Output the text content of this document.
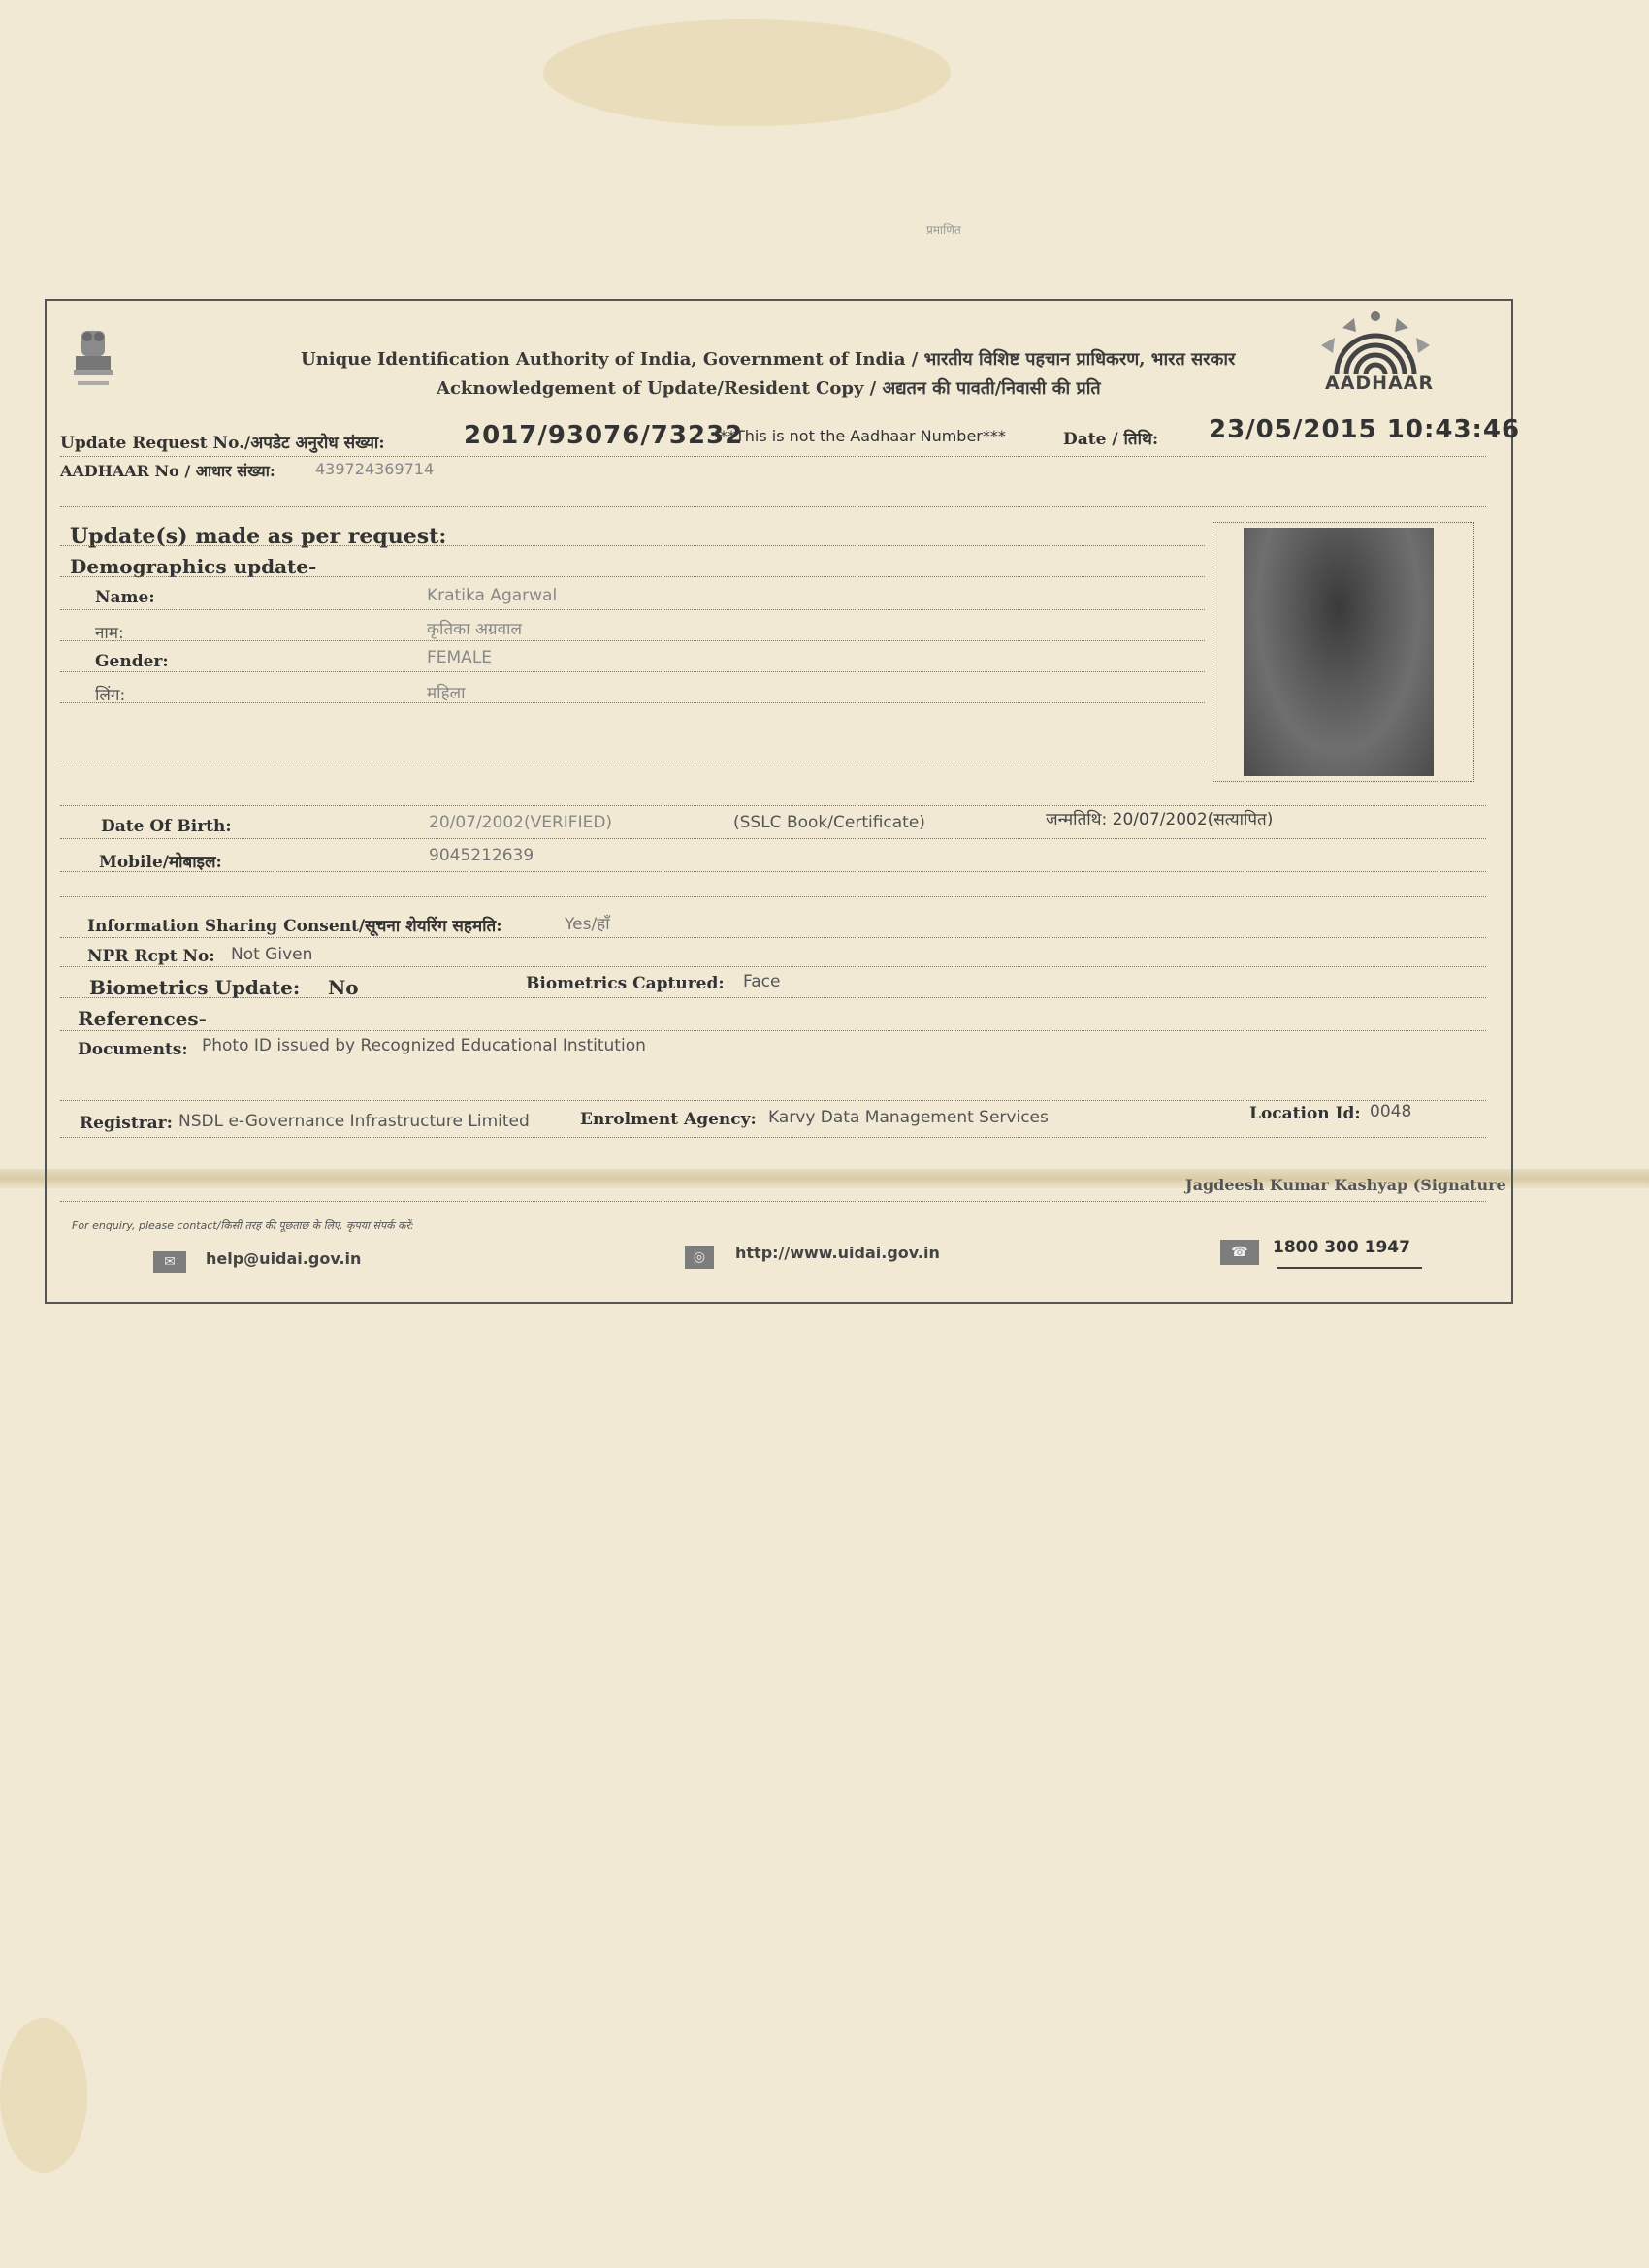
प्रमाणित
AADHAAR
Unique Identification Authority of India, Government of India / भारतीय विशिष्ट पहचान प्राधिकरण, भारत सरकार
Acknowledgement of Update/Resident Copy / अद्यतन की पावती/निवासी की प्रति
Update Request No./अपडेट अनुरोध संख्या:	2017/93076/73232
***This is not the Aadhaar Number***	Date / तिथि: 23/05/2015 10:43:46
AADHAAR No / आधार संख्या:	439724369714
Update(s) made as per request:
Demographics update-
Name:	Kratika Agarwal
नाम:	कृतिका अग्रवाल
Gender:	FEMALE
लिंग:	महिला
Date Of Birth:	20/07/2002(VERIFIED)	(SSLC Book/Certificate)	जन्मतिथि: 20/07/2002(सत्यापित)
Mobile/मोबाइल:	9045212639
Information Sharing Consent/सूचना शेयरिंग सहमति:	Yes/हाँ
NPR Rcpt No: Not Given
Biometrics Update: No	Biometrics Captured: Face
References-
Documents: Photo ID issued by Recognized Educational Institution
Registrar: NSDL e-Governance Infrastructure Limited	Enrolment Agency: Karvy Data Management Services	Location Id: 0048
Jagdeesh Kumar Kashyap (Signature
For enquiry, please contact/किसी तरह की पूछताछ के लिए, कृपया संपर्क करें:
✉	help@uidai.gov.in	◎	http://www.uidai.gov.in	☎	1800 300 1947
